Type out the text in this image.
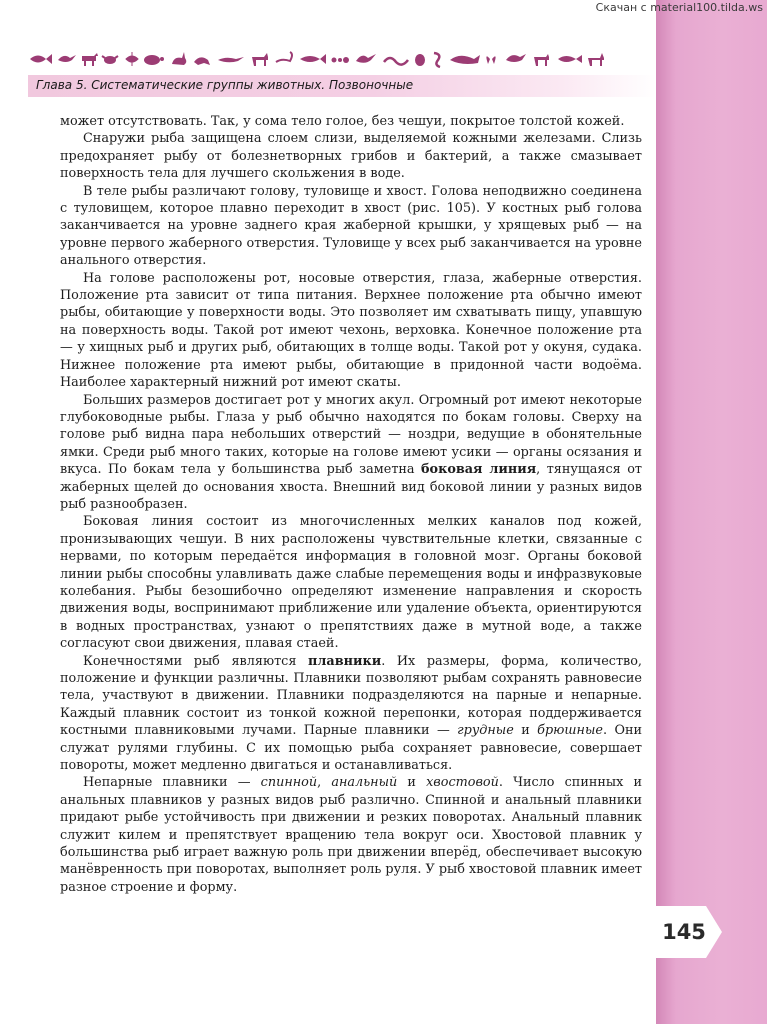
Скачан с material100.tilda.ws
Глава 5. Систематические группы животных. Позвоночные

может отсутствовать. Так, у сома тело голое, без чешуи, покрытое толстой кожей.

Снаружи рыба защищена слоем слизи, выделяемой кожными железами. Слизь предохраняет рыбу от болезнетворных грибов и бактерий, а также смазывает поверхность тела для лучшего скольжения в воде.

В теле рыбы различают голову, туловище и хвост. Голова неподвижно соединена с туловищем, которое плавно переходит в хвост (рис. 105). У костных рыб голова заканчивается на уровне заднего края жаберной крышки, у хрящевых рыб — на уровне первого жаберного отверстия. Туловище у всех рыб заканчивается на уровне анального отверстия.

На голове расположены рот, носовые отверстия, глаза, жаберные отверстия. Положение рта зависит от типа питания. Верхнее положение рта обычно имеют рыбы, обитающие у поверхности воды. Это позволяет им схватывать пищу, упавшую на поверхность воды. Такой рот имеют чехонь, верховка. Конечное положение рта — у хищных рыб и других рыб, обитающих в толще воды. Такой рот у окуня, судака. Нижнее положение рта имеют рыбы, обитающие в придонной части водоёма. Наиболее характерный нижний рот имеют скаты.

Больших размеров достигает рот у многих акул. Огромный рот имеют некоторые глубоководные рыбы. Глаза у рыб обычно находятся по бокам головы. Сверху на голове рыб видна пара небольших отверстий — ноздри, ведущие в обонятельные ямки. Среди рыб много таких, которые на голове имеют усики — органы осязания и вкуса. По бокам тела у большинства рыб заметна боковая линия, тянущаяся от жаберных щелей до основания хвоста. Внешний вид боковой линии у разных видов рыб разнообразен.

Боковая линия состоит из многочисленных мелких каналов под кожей, пронизывающих чешуи. В них расположены чувствительные клетки, связанные с нервами, по которым передаётся информация в головной мозг. Органы боковой линии рыбы способны улавливать даже слабые перемещения воды и инфразвуковые колебания. Рыбы безошибочно определяют изменение направления и скорость движения воды, воспринимают приближение или удаление объекта, ориентируются в водных пространствах, узнают о препятствиях даже в мутной воде, а также согласуют свои движения, плавая стаей.

Конечностями рыб являются плавники. Их размеры, форма, количество, положение и функции различны. Плавники позволяют рыбам сохранять равновесие тела, участвуют в движении. Плавники подразделяются на парные и непарные. Каждый плавник состоит из тонкой кожной перепонки, которая поддерживается костными плавниковыми лучами. Парные плавники — грудные и брюшные. Они служат рулями глубины. С их помощью рыба сохраняет равновесие, совершает повороты, может медленно двигаться и останавливаться.

Непарные плавники — спинной, анальный и хвостовой. Число спинных и анальных плавников у разных видов рыб различно. Спинной и анальный плавники придают рыбе устойчивость при движении и резких поворотах. Анальный плавник служит килем и препятствует вращению тела вокруг оси. Хвостовой плавник у большинства рыб играет важную роль при движении вперёд, обеспечивает высокую манёвренность при поворотах, выполняет роль руля. У рыб хвостовой плавник имеет разное строение и форму.

145
